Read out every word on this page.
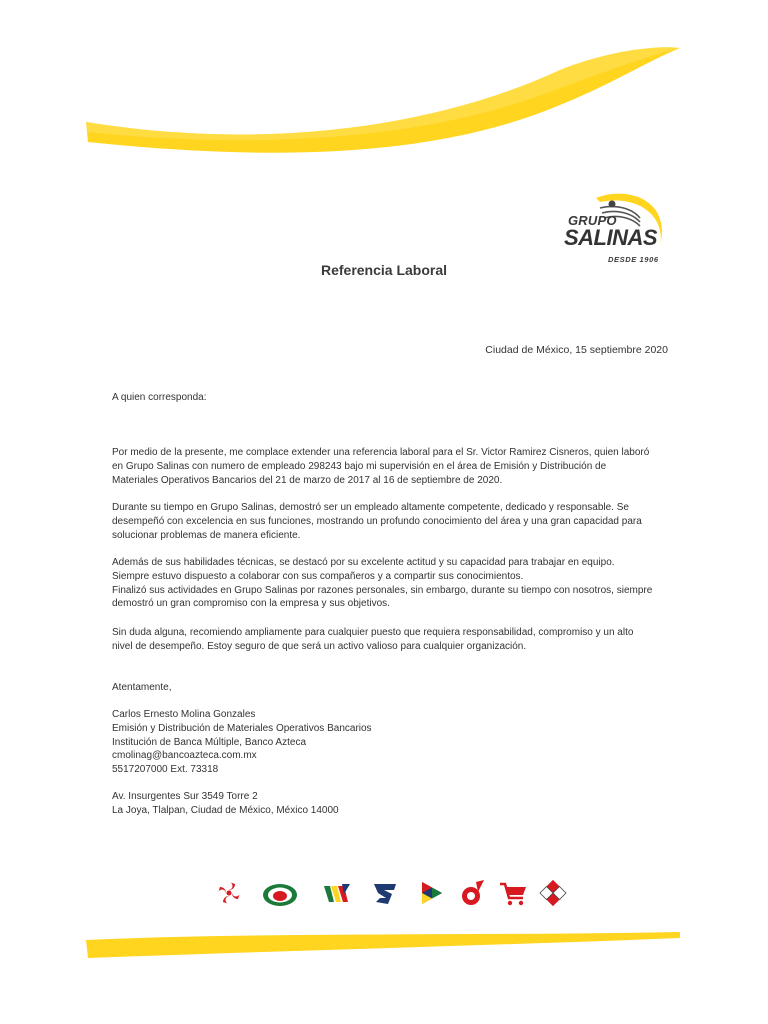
GRUPO
SALINAS
DESDE 1906
Referencia Laboral
Ciudad de México, 15 septiembre 2020
A quien corresponda:

Por medio de la presente, me complace extender una referencia laboral para el Sr. Victor Ramirez Cisneros, quien laboró

en Grupo Salinas con numero de empleado 298243 bajo mi supervisión en el área de Emisión y Distribución de

Materiales Operativos Bancarios del 21 de marzo de 2017 al 16 de septiembre de 2020.

Durante su tiempo en Grupo Salinas, demostró ser un empleado altamente competente, dedicado y responsable. Se

desempeñó con excelencia en sus funciones, mostrando un profundo conocimiento del área y una gran capacidad para

solucionar problemas de manera eficiente.

Además de sus habilidades técnicas, se destacó por su excelente actitud y su capacidad para trabajar en equipo.

Siempre estuvo dispuesto a colaborar con sus compañeros y a compartir sus conocimientos.

Finalizó sus actividades en Grupo Salinas por razones personales, sin embargo, durante su tiempo con nosotros, siempre

demostró un gran compromiso con la empresa y sus objetivos.

Sin duda alguna, recomiendo ampliamente para cualquier puesto que requiera responsabilidad, compromiso y un alto

nivel de desempeño. Estoy seguro de que será un activo valioso para cualquier organización.

Atentamente,

Carlos Ernesto Molina Gonzales

Emisión y Distribución de Materiales Operativos Bancarios

Institución de Banca Múltiple, Banco Azteca

cmolinag@bancoazteca.com.mx

5517207000 Ext. 73318

Av. Insurgentes Sur 3549 Torre 2

La Joya, Tlalpan, Ciudad de México, México 14000
